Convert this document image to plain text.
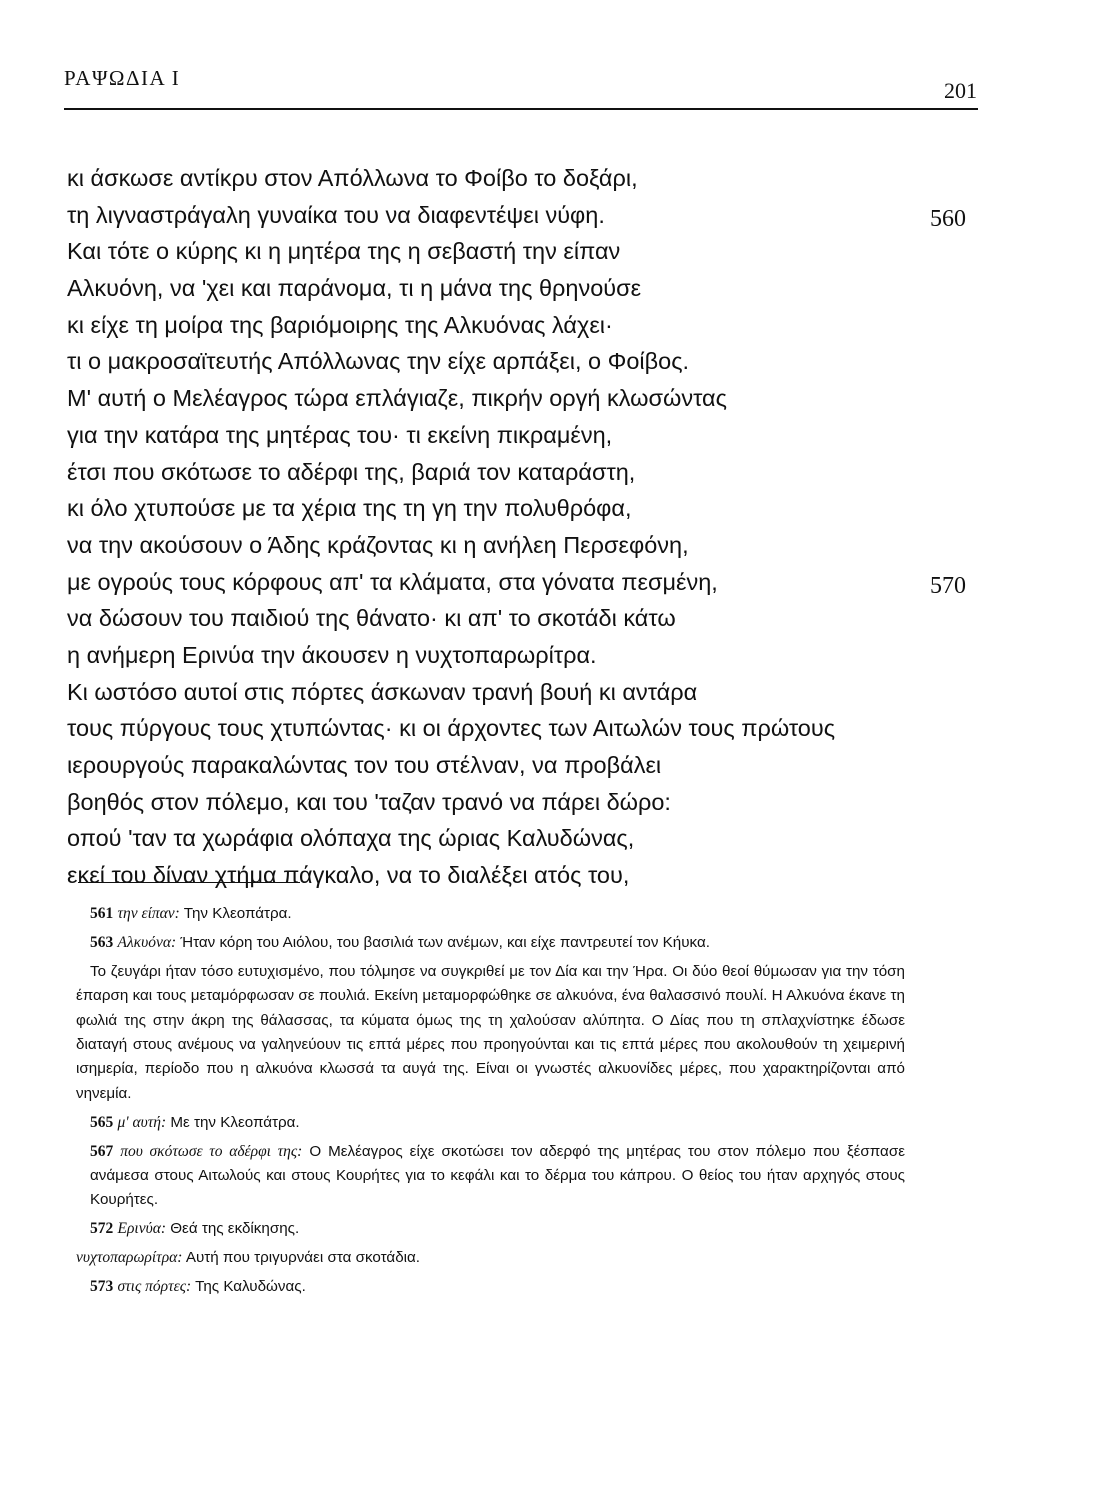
ΡΑΨΩΔΙΑ Ι	201
κι άσκωσε αντίκρυ στον Απόλλωνα το Φοίβο το δοξάρι,
τη λιγναστράγαλη γυναίκα του να διαφεντέψει νύφη.	560
Και τότε ο κύρης κι η μητέρα της η σεβαστή την είπαν
Αλκυόνη, να 'χει και παράνομα, τι η μάνα της θρηνούσε
κι είχε τη μοίρα της βαριόμοιρης της Αλκυόνας λάχει·
τι ο μακροσαϊτευτής Απόλλωνας την είχε αρπάξει, ο Φοίβος.
Μ' αυτή ο Μελέαγρος τώρα επλάγιαζε, πικρήν οργή κλωσώντας
για την κατάρα της μητέρας του· τι εκείνη πικραμένη,
έτσι που σκότωσε το αδέρφι της, βαριά τον καταράστη,
κι όλο χτυπούσε με τα χέρια της τη γη την πολυθρόφα,
να την ακούσουν ο Άδης κράζοντας κι η ανήλεη Περσεφόνη,
με ογρούς τους κόρφους απ' τα κλάματα, στα γόνατα πεσμένη,	570
να δώσουν του παιδιού της θάνατο· κι απ' το σκοτάδι κάτω
η ανήμερη Ερινύα την άκουσεν η νυχτοπαρωρίτρα.
Κι ωστόσο αυτοί στις πόρτες άσκωναν τρανή βουή κι αντάρα
τους πύργους τους χτυπώντας· κι οι άρχοντες των Αιτωλών τους πρώτους
ιερουργούς παρακαλώντας τον του στέλναν, να προβάλει
βοηθός στον πόλεμο, και του 'ταζαν τρανό να πάρει δώρο:
οπού 'ταν τα χωράφια ολόπαχα της ώριας Καλυδώνας,
εκεί του δίναν χτήμα πάγκαλο, να το διαλέξει ατός του,

561 την είπαν: Την Κλεοπάτρα.

563 Αλκυόνα: Ήταν κόρη του Αιόλου, του βασιλιά των ανέμων, και είχε παντρευτεί τον Κήυκα.

Το ζευγάρι ήταν τόσο ευτυχισμένο, που τόλμησε να συγκριθεί με τον Δία και την Ήρα. Οι δύο θεοί θύμωσαν για την τόση έπαρση και τους μεταμόρφωσαν σε πουλιά. Εκείνη μεταμορφώθηκε σε αλκυόνα, ένα θαλασσινό πουλί. Η Αλκυόνα έκανε τη φωλιά της στην άκρη της θάλασσας, τα κύματα όμως της τη χαλούσαν αλύπητα. Ο Δίας που τη σπλαχνίστηκε έδωσε διαταγή στους ανέμους να γαληνεύουν τις επτά μέρες που προηγούνται και τις επτά μέρες που ακολουθούν τη χειμερινή ισημερία, περίοδο που η αλκυόνα κλωσσά τα αυγά της. Είναι οι γνωστές αλκυονίδες μέρες, που χαρακτηρίζονται από νηνεμία.

565 μ' αυτή: Με την Κλεοπάτρα.

567 που σκότωσε το αδέρφι της: Ο Μελέαγρος είχε σκοτώσει τον αδερφό της μητέρας του στον πόλεμο που ξέσπασε ανάμεσα στους Αιτωλούς και στους Κουρήτες για το κεφάλι και το δέρμα του κάπρου. Ο θείος του ήταν αρχηγός στους Κουρήτες.

572 Ερινύα: Θεά της εκδίκησης.

νυχτοπαρωρίτρα: Αυτή που τριγυρνάει στα σκοτάδια.

573 στις πόρτες: Της Καλυδώνας.
